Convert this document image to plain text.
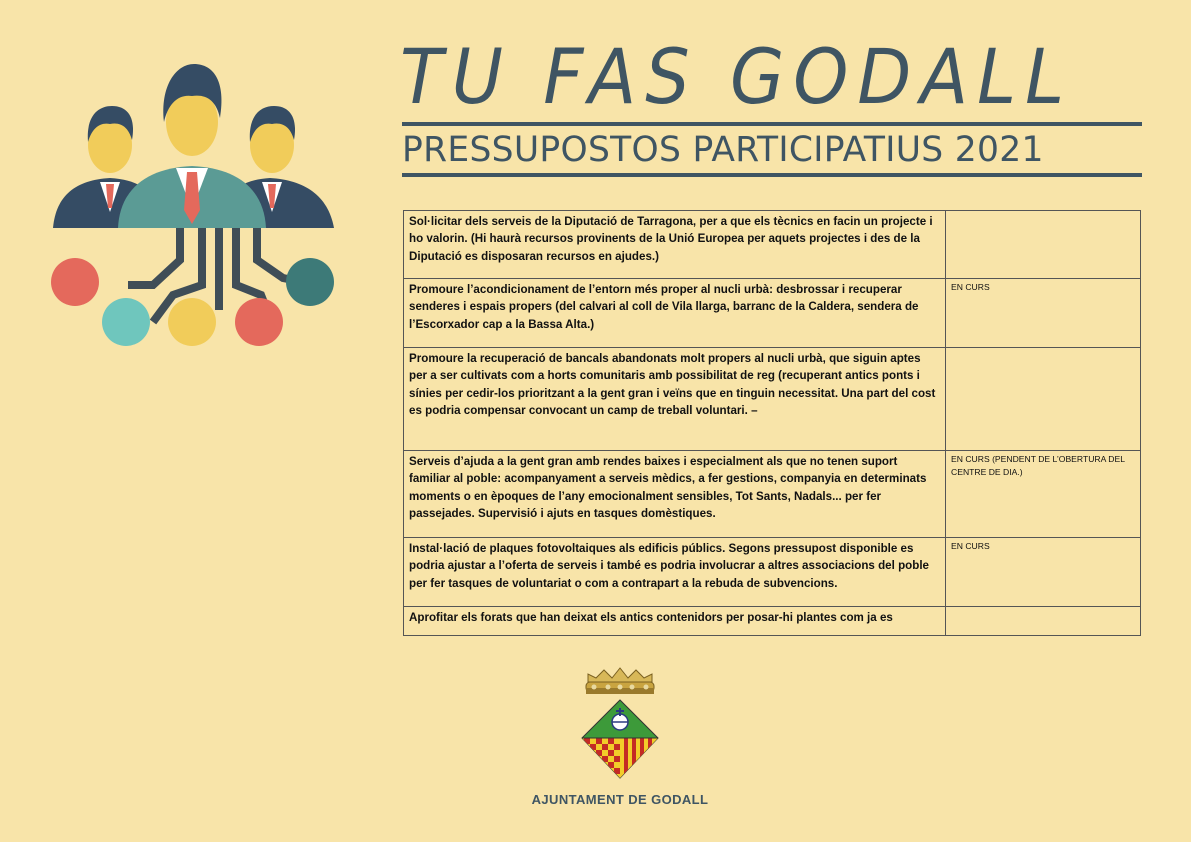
TU FAS GODALL
PRESSUPOSTOS PARTICIPATIUS 2021
Sol·licitar dels serveis de la Diputació de Tarragona, per a que els tècnics en facin un projecte i ho valorin. (Hi haurà recursos provinents de la Unió Europea per aquets projectes i des de la Diputació es disposaran recursos en ajudes.)	
Promoure l’acondicionament de l’entorn més proper al nucli urbà: desbrossar i recuperar senderes i espais propers (del calvari al coll de Vila llarga, barranc de la Caldera, sendera de l’Escorxador cap a la Bassa Alta.)	EN CURS
Promoure la recuperació de bancals abandonats molt propers al nucli urbà, que siguin aptes per a ser cultivats com a horts comunitaris amb possibilitat de reg (recuperant antics ponts i sínies per cedir-los prioritzant a la gent gran i veïns que en tinguin necessitat. Una part del cost es podria compensar convocant un camp de treball voluntari. –	
Serveis d’ajuda a la gent gran amb rendes baixes i especialment als que no tenen suport familiar al poble: acompanyament a serveis mèdics, a fer gestions, companyia en determinats moments o en èpoques de l’any emocionalment sensibles, Tot Sants, Nadals... per fer passejades. Supervisió i ajuts en tasques domèstiques.	EN CURS (PENDENT DE L’OBERTURA DEL CENTRE DE DIA.)
Instal·lació de plaques fotovoltaiques als edificis públics. Segons pressupost disponible es podria ajustar a l’oferta de serveis i també es podria involucrar a altres associacions del poble per fer tasques de voluntariat o com a contrapart a la rebuda de subvencions.	EN CURS
Aprofitar els forats que han deixat els antics contenidors per posar-hi plantes com ja es	
AJUNTAMENT DE GODALL
